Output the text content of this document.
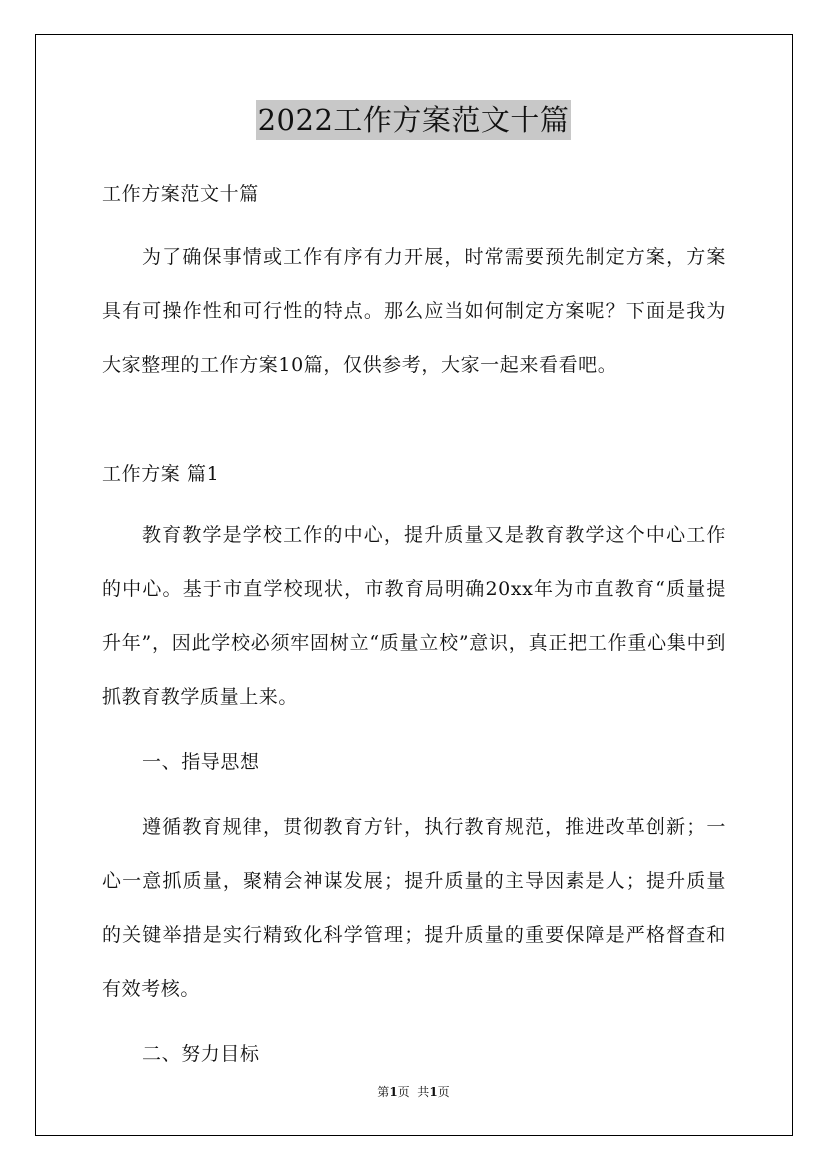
2022工作方案范文十篇

工作方案范文十篇

为了确保事情或工作有序有力开展，时常需要预先制定方案，方案具有可操作性和可行性的特点。那么应当如何制定方案呢？下面是我为大家整理的工作方案10篇，仅供参考，大家一起来看看吧。

工作方案 篇1

教育教学是学校工作的中心，提升质量又是教育教学这个中心工作的中心。基于市直学校现状，市教育局明确20xx年为市直教育“质量提升年”，因此学校必须牢固树立“质量立校”意识，真正把工作重心集中到抓教育教学质量上来。

一、指导思想

遵循教育规律，贯彻教育方针，执行教育规范，推进改革创新；一心一意抓质量，聚精会神谋发展；提升质量的主导因素是人；提升质量的关键举措是实行精致化科学管理；提升质量的重要保障是严格督查和有效考核。

二、努力目标

第1页  共1页
